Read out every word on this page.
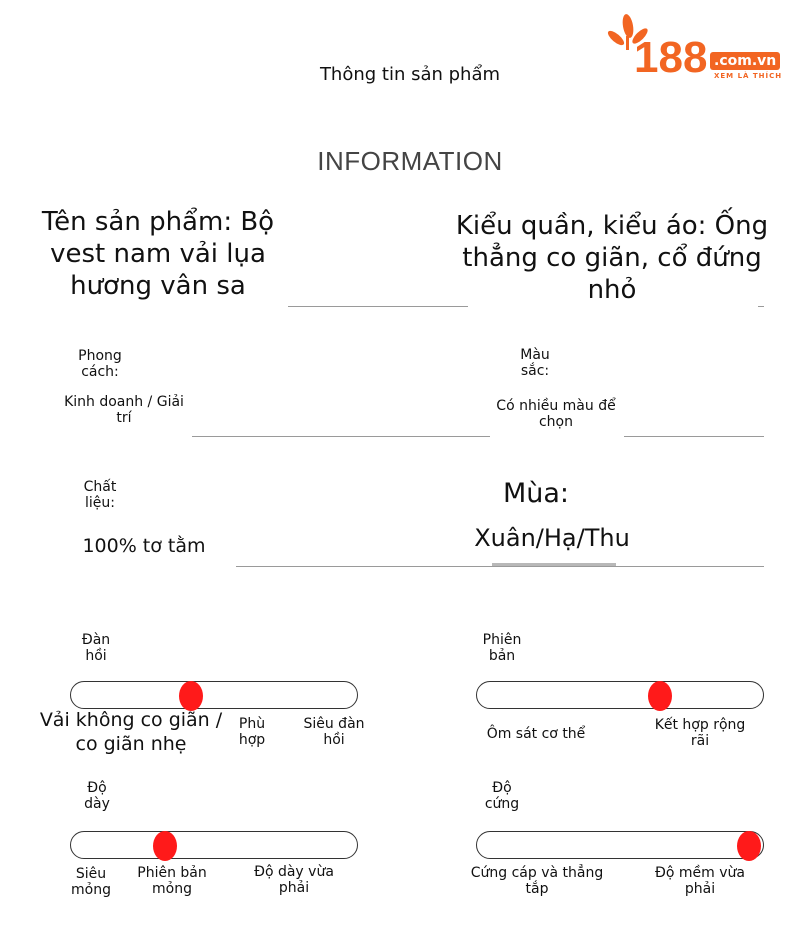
188 .com.vn
XEM LÀ THÍCH
Thông tin sản phẩm
INFORMATION
Tên sản phẩm: Bộ
vest nam vải lụa
hương vân sa
Kiểu quần, kiểu áo: Ống
thẳng co giãn, cổ đứng
nhỏ
Phong
cách:
Kinh doanh / Giải
trí
Màu
sắc:
Có nhiều màu để
chọn
Chất
liệu:
100% tơ tằm
Mùa:
Xuân/Hạ/Thu
Đàn
hồi
Vải không co giãn / co giãn nhẹ
Phù hợp
Siêu đàn hồi
Phiên
bản
Ôm sát cơ thể
Kết hợp rộng rãi
Độ
dày
Siêu mỏng
Phiên bản mỏng
Độ dày vừa phải
Độ
cứng
Cứng cáp và thẳng tắp
Độ mềm vừa phải
